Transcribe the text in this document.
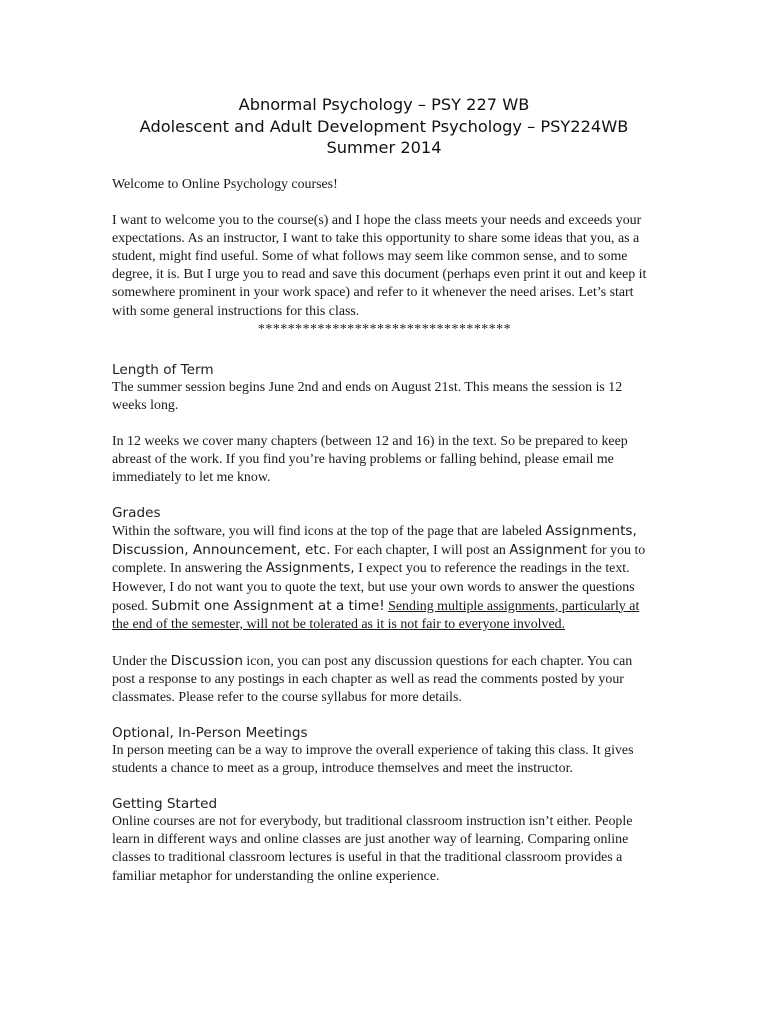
Abnormal Psychology – PSY 227 WB
Adolescent and Adult Development Psychology – PSY224WB
Summer 2014

Welcome to Online Psychology courses!

I want to welcome you to the course(s) and I hope the class meets your needs and exceeds your expectations. As an instructor, I want to take this opportunity to share some ideas that you, as a student, might find useful. Some of what follows may seem like common sense, and to some degree, it is. But I urge you to read and save this document (perhaps even print it out and keep it somewhere prominent in your work space) and refer to it whenever the need arises. Let’s start with some general instructions for this class.

**********************************

Length of Term

The summer session begins June 2nd and ends on August 21st. This means the session is 12 weeks long.

In 12 weeks we cover many chapters (between 12 and 16) in the text. So be prepared to keep abreast of the work. If you find you’re having problems or falling behind, please email me immediately to let me know.

Grades

Within the software, you will find icons at the top of the page that are labeled Assignments, Discussion, Announcement, etc. For each chapter, I will post an Assignment for you to complete. In answering the Assignments, I expect you to reference the readings in the text. However, I do not want you to quote the text, but use your own words to answer the questions posed. Submit one Assignment at a time! Sending multiple assignments, particularly at the end of the semester, will not be tolerated as it is not fair to everyone involved.

Under the Discussion icon, you can post any discussion questions for each chapter. You can post a response to any postings in each chapter as well as read the comments posted by your classmates. Please refer to the course syllabus for more details.

Optional, In-Person Meetings

In person meeting can be a way to improve the overall experience of taking this class. It gives students a chance to meet as a group, introduce themselves and meet the instructor.

Getting Started

Online courses are not for everybody, but traditional classroom instruction isn’t either. People learn in different ways and online classes are just another way of learning. Comparing online classes to traditional classroom lectures is useful in that the traditional classroom provides a familiar metaphor for understanding the online experience.
